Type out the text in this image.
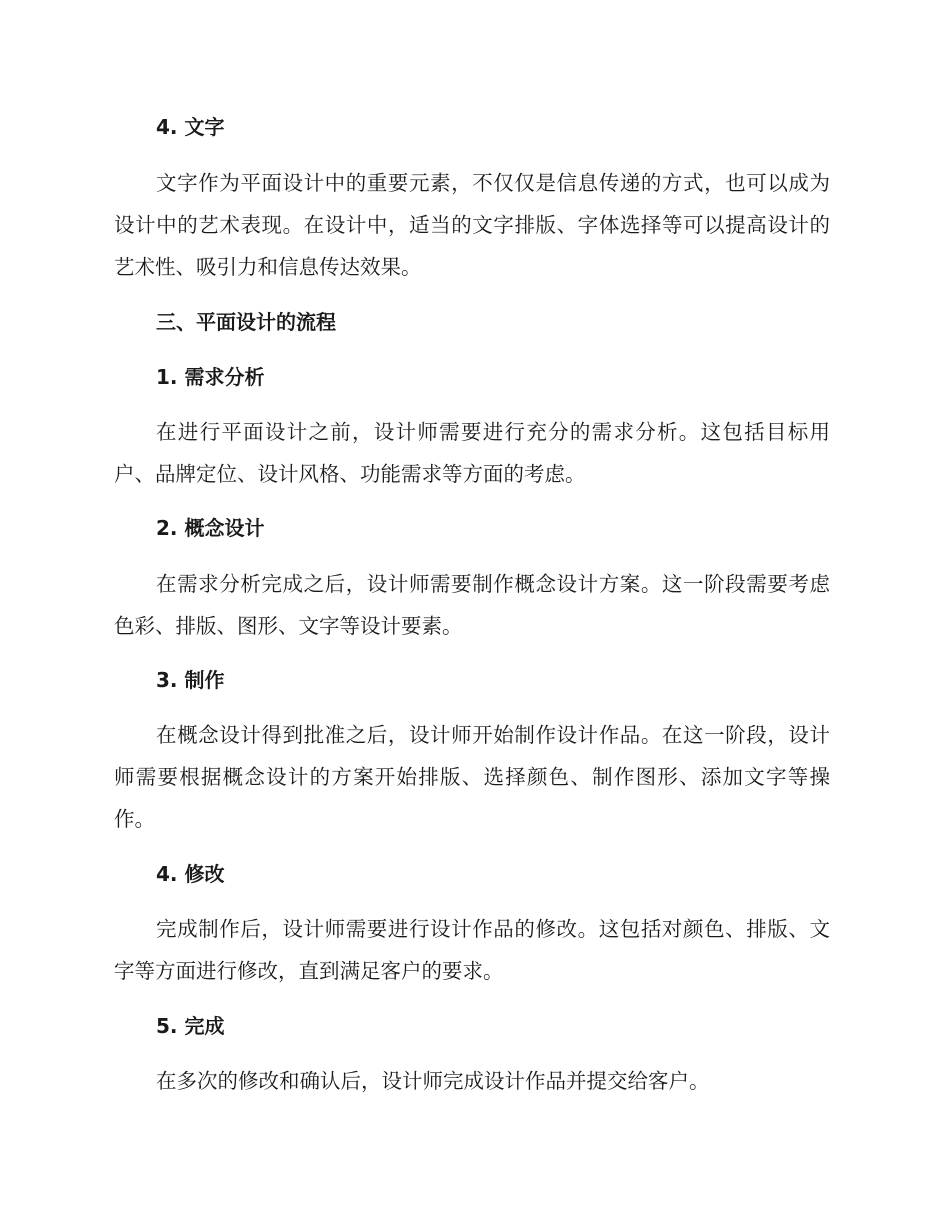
4. 文字

文字作为平面设计中的重要元素，不仅仅是信息传递的方式，也可以成为设计中的艺术表现。在设计中，适当的文字排版、字体选择等可以提高设计的艺术性、吸引力和信息传达效果。

三、平面设计的流程
1. 需求分析

在进行平面设计之前，设计师需要进行充分的需求分析。这包括目标用户、品牌定位、设计风格、功能需求等方面的考虑。

2. 概念设计

在需求分析完成之后，设计师需要制作概念设计方案。这一阶段需要考虑色彩、排版、图形、文字等设计要素。

3. 制作

在概念设计得到批准之后，设计师开始制作设计作品。在这一阶段，设计师需要根据概念设计的方案开始排版、选择颜色、制作图形、添加文字等操作。

4. 修改

完成制作后，设计师需要进行设计作品的修改。这包括对颜色、排版、文字等方面进行修改，直到满足客户的要求。

5. 完成

在多次的修改和确认后，设计师完成设计作品并提交给客户。
